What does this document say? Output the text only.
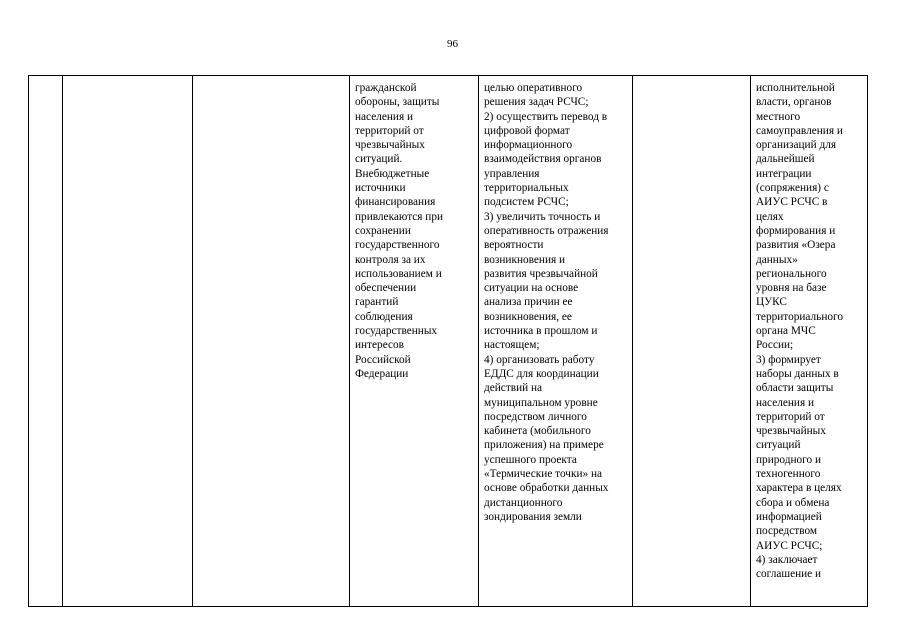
96
			гражданской
обороны, защиты
населения и
территорий от
чрезвычайных
ситуаций.
Внебюджетные
источники
финансирования
привлекаются при
сохранении
государственного
контроля за их
использованием и
обеспечении
гарантий
соблюдения
государственных
интересов
Российской
Федерации	целью оперативного
решения задач РСЧС;
2) осуществить перевод в
цифровой формат
информационного
взаимодействия органов
управления
территориальных
подсистем РСЧС;
3) увеличить точность и
оперативность отражения
вероятности
возникновения и
развития чрезвычайной
ситуации на основе
анализа причин ее
возникновения, ее
источника в прошлом и
настоящем;
4) организовать работу
ЕДДС для координации
действий на
муниципальном уровне
посредством личного
кабинета (мобильного
приложения) на примере
успешного проекта
«Термические точки» на
основе обработки данных
дистанционного
зондирования земли		исполнительной
власти, органов
местного
самоуправления и
организаций для
дальнейшей
интеграции
(сопряжения) с
АИУС РСЧС в
целях
формирования и
развития «Озера
данных»
регионального
уровня на базе
ЦУКС
территориального
органа МЧС
России;
3) формирует
наборы данных в
области защиты
населения и
территорий от
чрезвычайных
ситуаций
природного и
техногенного
характера в целях
сбора и обмена
информацией
посредством
АИУС РСЧС;
4) заключает
соглашение и
